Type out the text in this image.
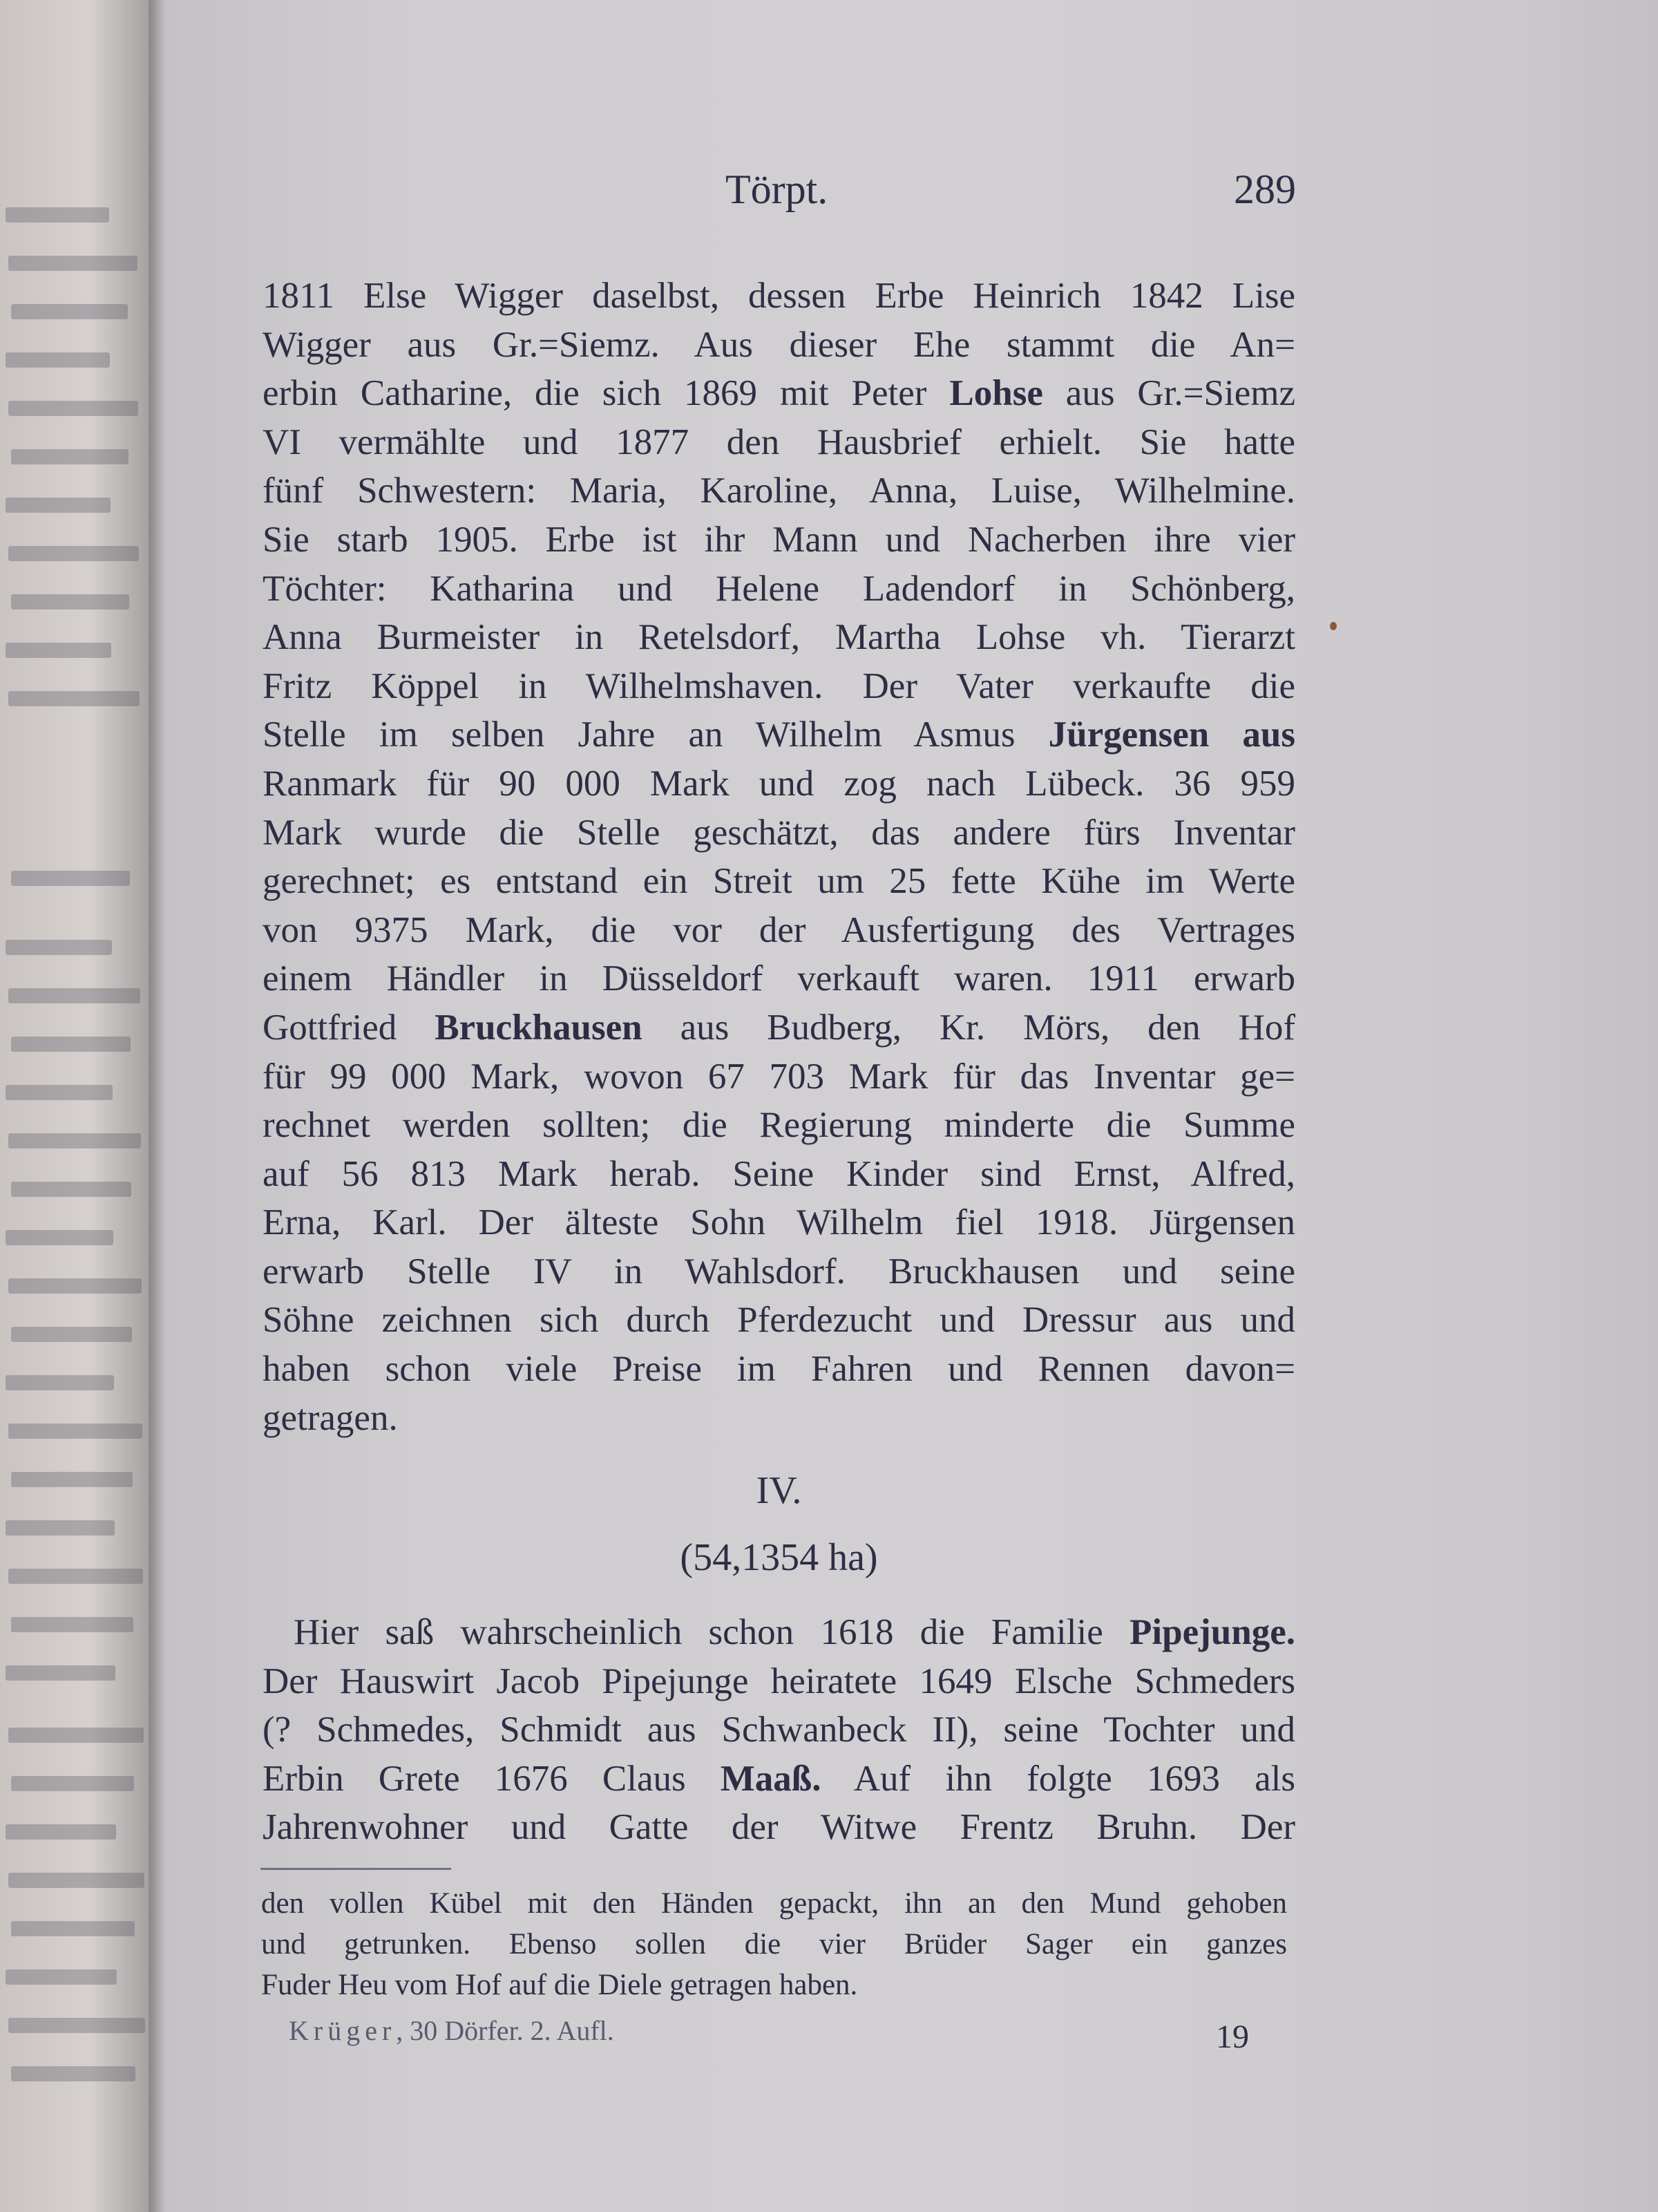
Törpt.	289
1811 Else Wigger daselbst, dessen Erbe Heinrich 1842 Lise
Wigger aus Gr.=Siemz. Aus dieser Ehe stammt die An=
erbin Catharine, die sich 1869 mit Peter Lohse aus Gr.=Siemz
VI vermählte und 1877 den Hausbrief erhielt. Sie hatte
fünf Schwestern: Maria, Karoline, Anna, Luise, Wilhelmine.
Sie starb 1905. Erbe ist ihr Mann und Nacherben ihre vier
Töchter: Katharina und Helene Ladendorf in Schönberg,
Anna Burmeister in Retelsdorf, Martha Lohse vh. Tierarzt
Fritz Köppel in Wilhelmshaven. Der Vater verkaufte die
Stelle im selben Jahre an Wilhelm Asmus Jürgensen aus
Ranmark für 90 000 Mark und zog nach Lübeck. 36 959
Mark wurde die Stelle geschätzt, das andere fürs Inventar
gerechnet; es entstand ein Streit um 25 fette Kühe im Werte
von 9375 Mark, die vor der Ausfertigung des Vertrages
einem Händler in Düsseldorf verkauft waren. 1911 erwarb
Gottfried Bruckhausen aus Budberg, Kr. Mörs, den Hof
für 99 000 Mark, wovon 67 703 Mark für das Inventar ge=
rechnet werden sollten; die Regierung minderte die Summe
auf 56 813 Mark herab. Seine Kinder sind Ernst, Alfred,
Erna, Karl. Der älteste Sohn Wilhelm fiel 1918. Jürgensen
erwarb Stelle IV in Wahlsdorf. Bruckhausen und seine
Söhne zeichnen sich durch Pferdezucht und Dressur aus und
haben schon viele Preise im Fahren und Rennen davon=
getragen.
IV.
(54,1354 ha)
Hier saß wahrscheinlich schon 1618 die Familie Pipejunge.
Der Hauswirt Jacob Pipejunge heiratete 1649 Elsche Schmeders
(? Schmedes, Schmidt aus Schwanbeck II), seine Tochter und
Erbin Grete 1676 Claus Maaß. Auf ihn folgte 1693 als
Jahrenwohner und Gatte der Witwe Frentz Bruhn. Der
den vollen Kübel mit den Händen gepackt, ihn an den Mund gehoben
und getrunken. Ebenso sollen die vier Brüder Sager ein ganzes
Fuder Heu vom Hof auf die Diele getragen haben.
Krüger, 30 Dörfer. 2. Aufl.	19
